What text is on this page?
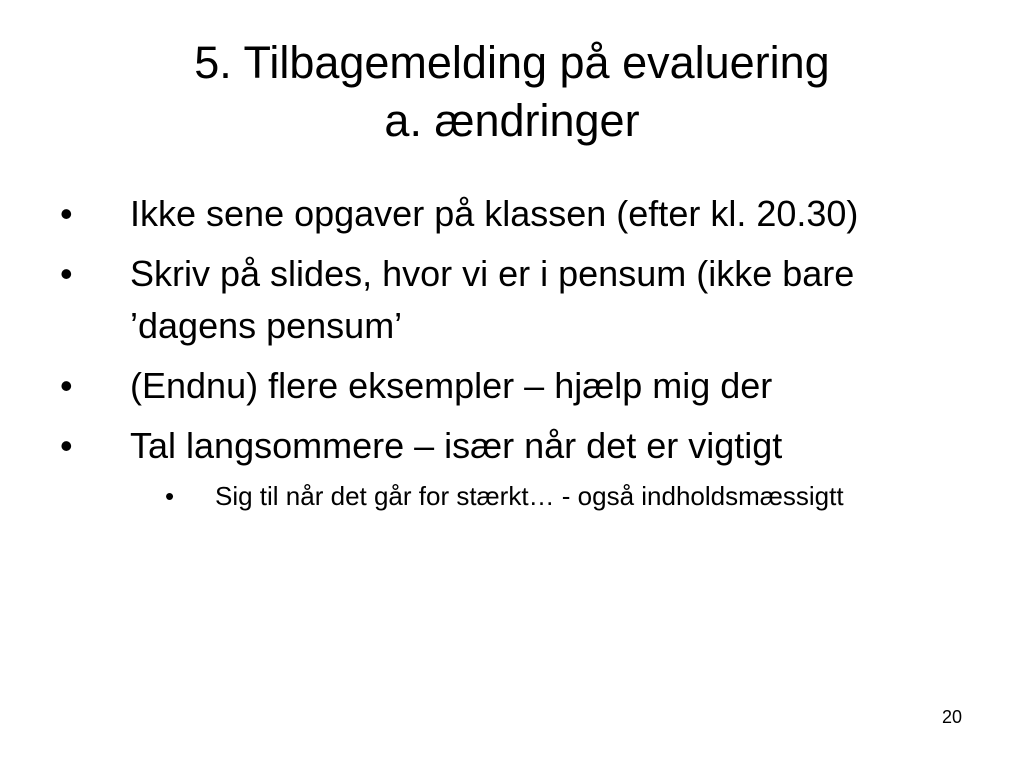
5. Tilbagemelding på evaluering
a. ændringer
•	Ikke sene opgaver på klassen (efter kl. 20.30)
•	Skriv på slides, hvor vi er i pensum (ikke bare ’dagens pensum’
•	(Endnu) flere eksempler – hjælp mig der
•	Tal langsommere – især når det er vigtigt
• Sig til når det går for stærkt… - også indholdsmæssigtt
20
